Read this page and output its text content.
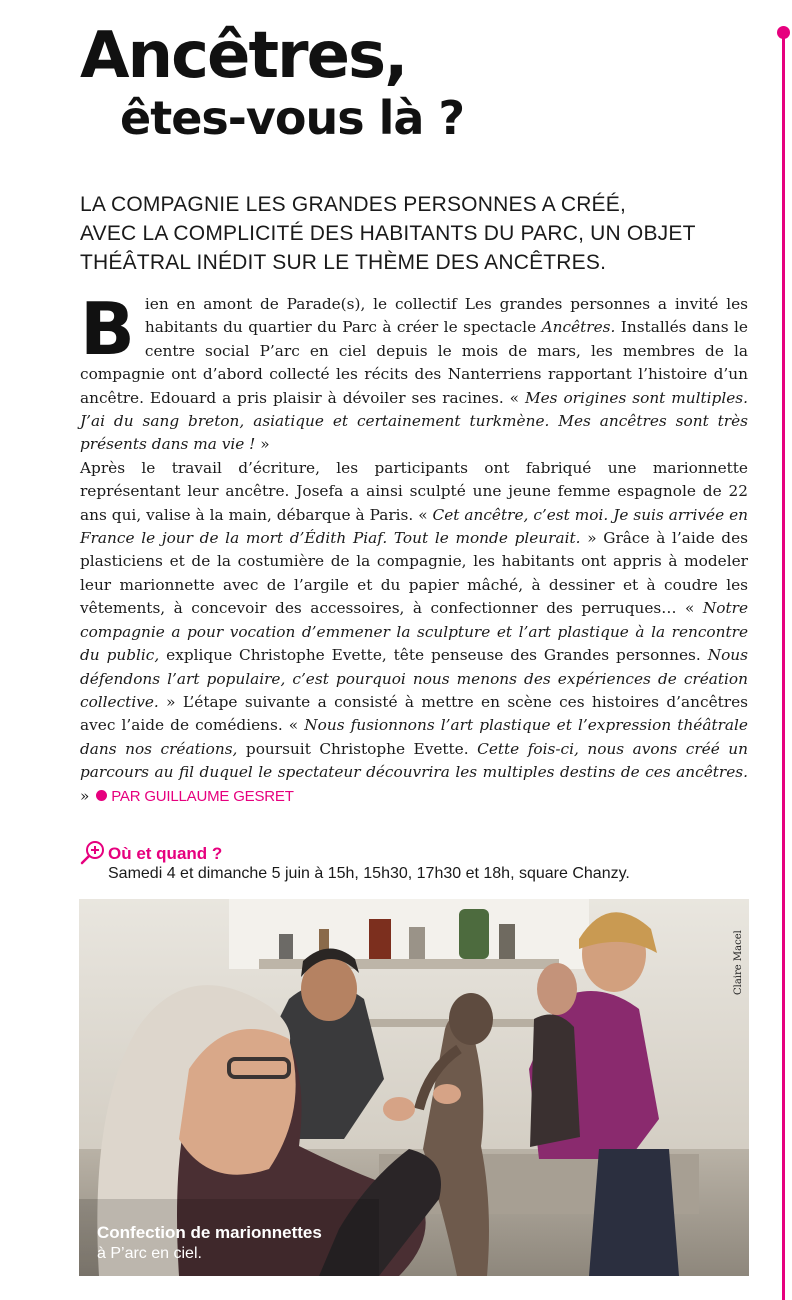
Ancêtres,
êtes-vous là ?
LA COMPAGNIE LES GRANDES PERSONNES A CRÉÉ,
AVEC LA COMPLICITÉ DES HABITANTS DU PARC, UN OBJET
THÉÂTRAL INÉDIT SUR LE THÈME DES ANCÊTRES.

Bien en amont de Parade(s), le collectif Les grandes personnes a invité les habitants du quartier du Parc à créer le spectacle Ancêtres. Installés dans le centre social P’arc en ciel depuis le mois de mars, les membres de la compagnie ont d’abord collecté les récits des Nanterriens rapportant l’histoire d’un ancêtre. Edouard a pris plaisir à dévoiler ses racines. « Mes origines sont multiples. J’ai du sang breton, asiatique et certainement turkmène. Mes ancêtres sont très présents dans ma vie ! »

Après le travail d’écriture, les participants ont fabriqué une marionnette représentant leur ancêtre. Josefa a ainsi sculpté une jeune femme espagnole de 22 ans qui, valise à la main, débarque à Paris. « Cet ancêtre, c’est moi. Je suis arrivée en France le jour de la mort d’Édith Piaf. Tout le monde pleurait. » Grâce à l’aide des plasticiens et de la costumière de la compagnie, les habitants ont appris à modeler leur marionnette avec de l’argile et du papier mâché, à dessiner et à coudre les vêtements, à concevoir des accessoires, à confectionner des perruques… « Notre compagnie a pour vocation d’emmener la sculpture et l’art plastique à la rencontre du public, explique Christophe Evette, tête penseuse des Grandes personnes. Nous défendons l’art populaire, c’est pourquoi nous menons des expériences de création collective. » L’étape suivante a consisté à mettre en scène ces histoires d’ancêtres avec l’aide de comédiens. « Nous fusionnons l’art plastique et l’expression théâtrale dans nos créations, poursuit Christophe Evette. Cette fois-ci, nous avons créé un parcours au fil duquel le spectateur découvrira les multiples destins de ces ancêtres. » PAR GUILLAUME GESRET

Où et quand ?
Samedi 4 et dimanche 5 juin à 15h, 15h30, 17h30 et 18h, square Chanzy.
Claire Macel
Confection de marionnettes
à P’arc en ciel.
